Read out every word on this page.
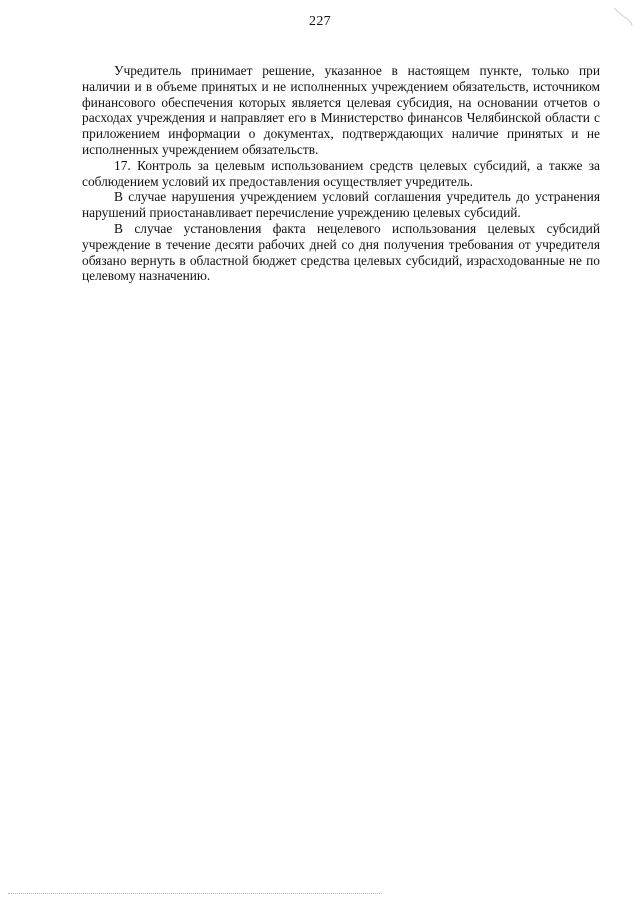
227

Учредитель принимает решение, указанное в настоящем пункте, только при наличии и в объеме принятых и не исполненных учреждением обязательств, источником финансового обеспечения которых является целевая субсидия, на основании отчетов о расходах учреждения и направляет его в Министерство финансов Челябинской области с приложением информации о документах, подтверждающих наличие принятых и не исполненных учреждением обязательств.

17. Контроль за целевым использованием средств целевых субсидий, а также за соблюдением условий их предоставления осуществляет учредитель.

В случае нарушения учреждением условий соглашения учредитель до устранения нарушений приостанавливает перечисление учреждению целевых субсидий.

В случае установления факта нецелевого использования целевых субсидий учреждение в течение десяти рабочих дней со дня получения требования от учредителя обязано вернуть в областной бюджет средства целевых субсидий, израсходованные не по целевому назначению.
